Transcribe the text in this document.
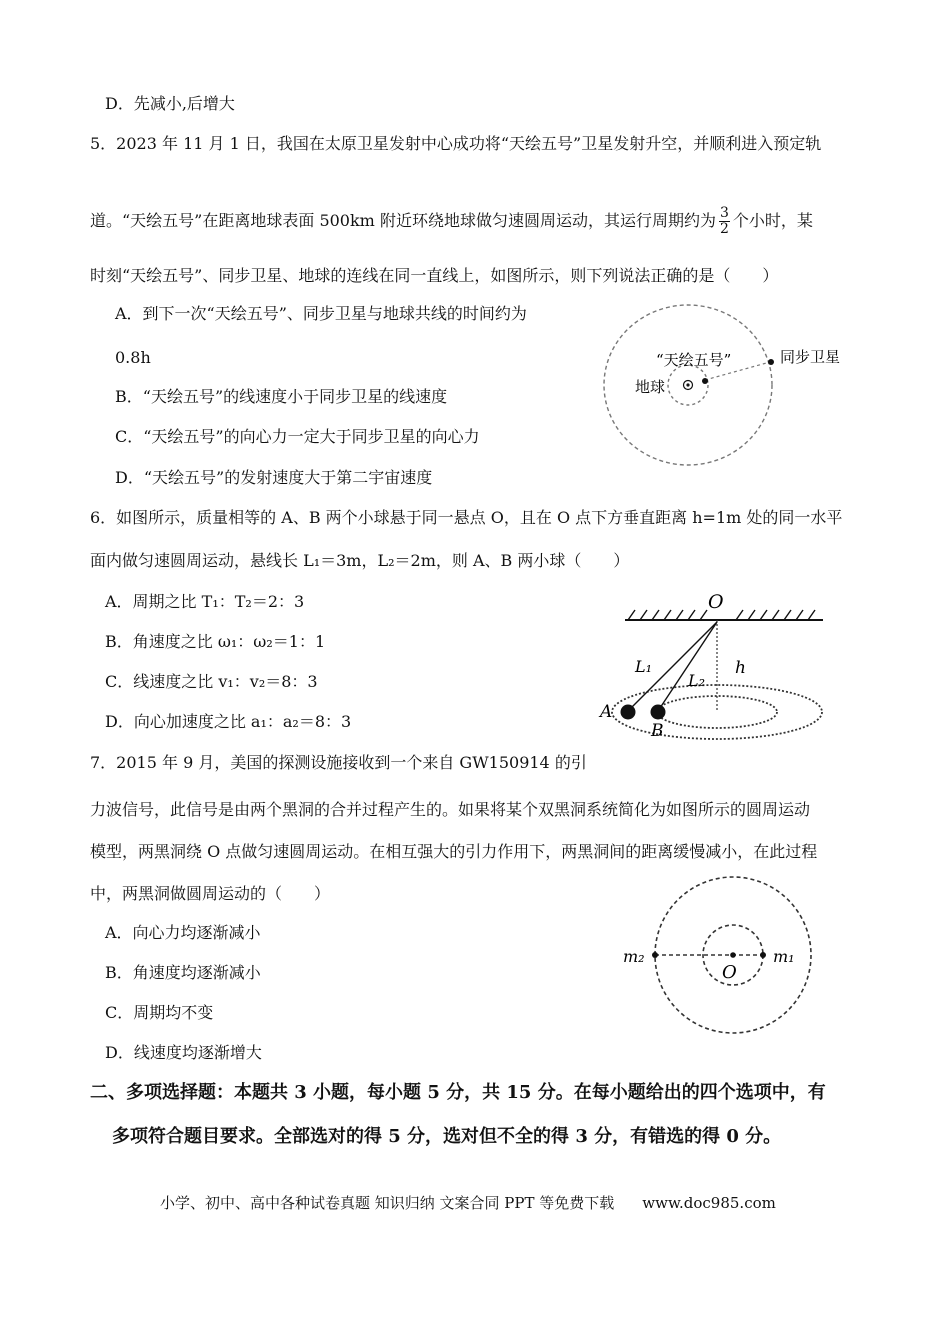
D．先减小,后增大
5．2023 年 11 月 1 日，我国在太原卫星发射中心成功将“天绘五号”卫星发射升空，并顺利进入预定轨
道。“天绘五号”在距离地球表面 500km 附近环绕地球做匀速圆周运动，其运行周期约为 $\frac{3}{2}$ 个小时，某
时刻“天绘五号”、同步卫星、地球的连线在同一直线上，如图所示，则下列说法正确的是（　　）
A．到下一次“天绘五号”、同步卫星与地球共线的时间约为
0.8h
B．“天绘五号”的线速度小于同步卫星的线速度
C．“天绘五号”的向心力一定大于同步卫星的向心力
D．“天绘五号”的发射速度大于第二宇宙速度
“天绘五号”	同步卫星
地球
6．如图所示，质量相等的 A、B 两个小球悬于同一悬点 O，且在 O 点下方垂直距离 h=1m 处的同一水平
面内做匀速圆周运动，悬线长 L₁＝3m，L₂＝2m，则 A、B 两小球（　　）
A．周期之比 T₁：T₂＝2：3
B．角速度之比 ω₁：ω₂＝1：1
C．线速度之比 v₁：v₂＝8：3
D．向心加速度之比 a₁：a₂＝8：3
O
L₁
L₂
h
A
B
7．2015 年 9 月，美国的探测设施接收到一个来自 GW150914 的引
力波信号，此信号是由两个黑洞的合并过程产生的。如果将某个双黑洞系统简化为如图所示的圆周运动
模型，两黑洞绕 O 点做匀速圆周运动。在相互强大的引力作用下，两黑洞间的距离缓慢减小，在此过程
中，两黑洞做圆周运动的（　　）
A．向心力均逐渐减小
B．角速度均逐渐减小
C．周期均不变
D．线速度均逐渐增大
m₂
O
m₁
二、多项选择题：本题共 3 小题，每小题 5 分，共 15 分。在每小题给出的四个选项中，有
多项符合题目要求。全部选对的得 5 分，选对但不全的得 3 分，有错选的得 0 分。
小学、初中、高中各种试卷真题 知识归纳 文案合同 PPT 等免费下载 www.doc985.com
